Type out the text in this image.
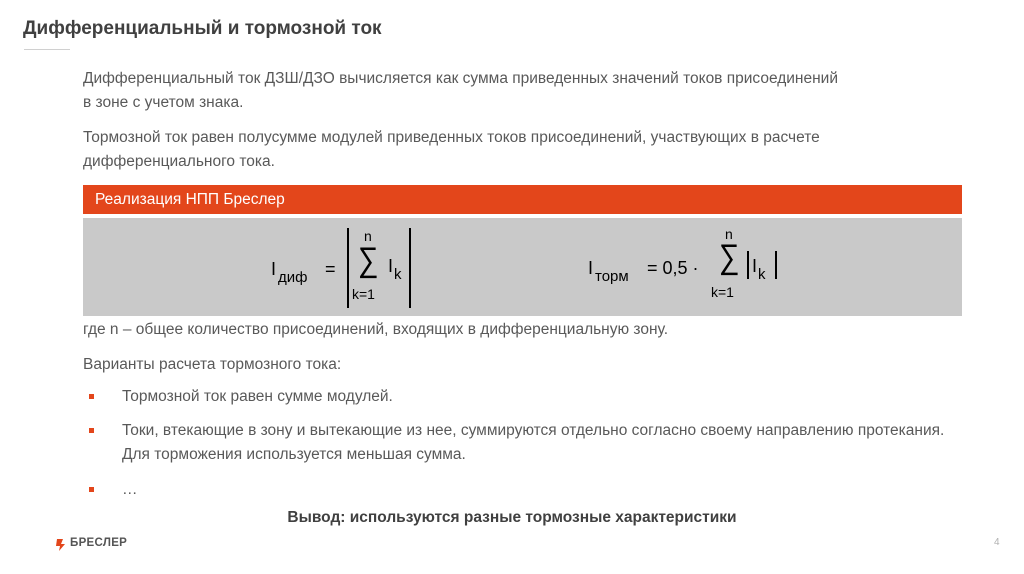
Дифференциальный и тормозной ток

Дифференциальный ток ДЗШ/ДЗО вычисляется как сумма приведенных значений токов присоединений в зоне с учетом знака.

Тормозной ток равен полусумме модулей приведенных токов присоединений, участвующих в расчете дифференциального тока.

Реализация НПП Бреслер
I диф =
n
∑
k=1
I k	I торм = 0,5 ·
n
∑
k=1
I k

где n – общее количество присоединений, входящих в дифференциальную зону.

Варианты расчета тормозного тока:

Тормозной ток равен сумме модулей.
Токи, втекающие в зону и вытекающие из нее, суммируются отдельно согласно своему направлению протекания. Для торможения используется меньшая сумма.
…

Вывод: используются разные тормозные характеристики

БРЕСЛЕР	4
